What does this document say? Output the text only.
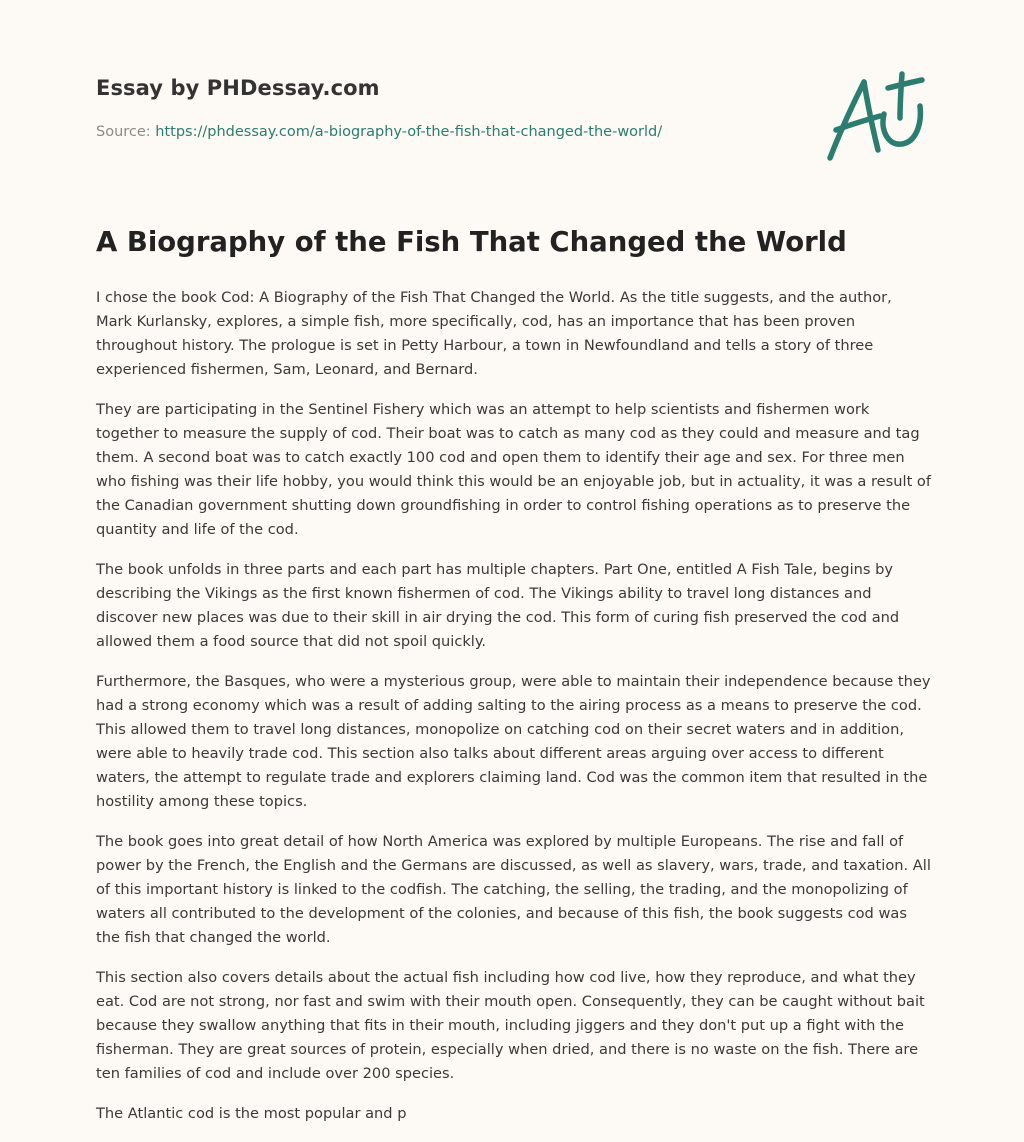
Essay by PHDessay.com

Source: https://phdessay.com/a-biography-of-the-fish-that-changed-the-world/

A Biography of the Fish That Changed the World

I chose the book Cod: A Biography of the Fish That Changed the World. As the title suggests, and the author, Mark Kurlansky, explores, a simple fish, more specifically, cod, has an importance that has been proven throughout history. The prologue is set in Petty Harbour, a town in Newfoundland and tells a story of three experienced fishermen, Sam, Leonard, and Bernard.

They are participating in the Sentinel Fishery which was an attempt to help scientists and fishermen work together to measure the supply of cod. Their boat was to catch as many cod as they could and measure and tag them. A second boat was to catch exactly 100 cod and open them to identify their age and sex. For three men who fishing was their life hobby, you would think this would be an enjoyable job, but in actuality, it was a result of the Canadian government shutting down groundfishing in order to control fishing operations as to preserve the quantity and life of the cod.

The book unfolds in three parts and each part has multiple chapters. Part One, entitled A Fish Tale, begins by describing the Vikings as the first known fishermen of cod. The Vikings ability to travel long distances and discover new places was due to their skill in air drying the cod. This form of curing fish preserved the cod and allowed them a food source that did not spoil quickly.

Furthermore, the Basques, who were a mysterious group, were able to maintain their independence because they had a strong economy which was a result of adding salting to the airing process as a means to preserve the cod. This allowed them to travel long distances, monopolize on catching cod on their secret waters and in addition, were able to heavily trade cod. This section also talks about different areas arguing over access to different waters, the attempt to regulate trade and explorers claiming land. Cod was the common item that resulted in the hostility among these topics.

The book goes into great detail of how North America was explored by multiple Europeans. The rise and fall of power by the French, the English and the Germans are discussed, as well as slavery, wars, trade, and taxation. All of this important history is linked to the codfish. The catching, the selling, the trading, and the monopolizing of waters all contributed to the development of the colonies, and because of this fish, the book suggests cod was the fish that changed the world.

This section also covers details about the actual fish including how cod live, how they reproduce, and what they eat. Cod are not strong, nor fast and swim with their mouth open. Consequently, they can be caught without bait because they swallow anything that fits in their mouth, including jiggers and they don't put up a fight with the fisherman. They are great sources of protein, especially when dried, and there is no waste on the fish. There are ten families of cod and include over 200 species.

The Atlantic cod is the most popular and p
